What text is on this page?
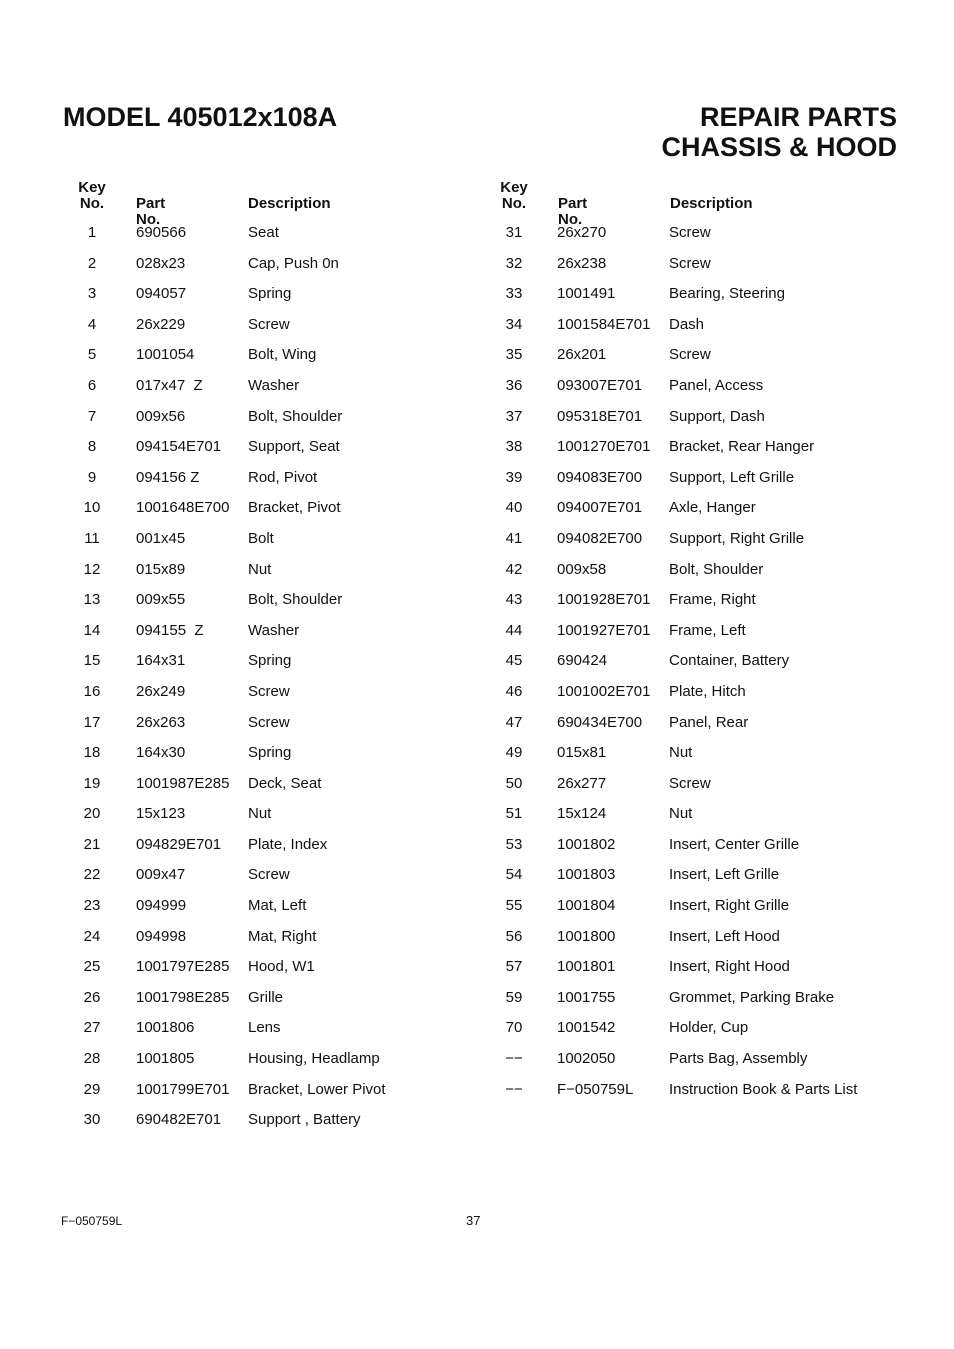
MODEL 405012x108A	REPAIR PARTS
CHASSIS & HOOD
Key
No.	Part No.
Description
1	690566	Seat
2	028x23	Cap, Push 0n
3	094057	Spring
4	26x229	Screw
5	1001054	Bolt, Wing
6	017x47  Z	Washer
7	009x56	Bolt, Shoulder
8	094154E701 Support, Seat
9	094156 Z	Rod, Pivot
10	1001648E700 Bracket, Pivot
11	001x45	Bolt
12	015x89	Nut
13	009x55	Bolt, Shoulder
14	094155  Z	Washer
15	164x31	Spring
16	26x249	Screw
17	26x263	Screw
18	164x30	Spring
19	1001987E285 Deck, Seat
20	15x123	Nut
21	094829E701 Plate, Index
22	009x47	Screw
23	094999	Mat, Left
24	094998	Mat, Right
25	1001797E285 Hood, W1
26	1001798E285 Grille
27	1001806	Lens
28	1001805	Housing, Headlamp
29	1001799E701 Bracket, Lower Pivot
30	690482E701 Support , Battery
Key
No.	Part No.
Description
31	26x270	Screw
32	26x238	Screw
33	1001491	Bearing, Steering
34	1001584E701 Dash
35	26x201	Screw
36	093007E701 Panel, Access
37	095318E701 Support, Dash
38	1001270E701 Bracket, Rear Hanger
39	094083E700 Support, Left Grille
40	094007E701 Axle, Hanger
41	094082E700 Support, Right Grille
42	009x58	Bolt, Shoulder
43	1001928E701 Frame, Right
44	1001927E701 Frame, Left
45	690424	Container, Battery
46	1001002E701 Plate, Hitch
47	690434E700 Panel, Rear
49	015x81	Nut
50	26x277	Screw
51	15x124	Nut
53	1001802	Insert, Center Grille
54	1001803	Insert, Left Grille
55	1001804	Insert, Right Grille
56	1001800	Insert, Left Hood
57	1001801	Insert, Right Hood
59	1001755	Grommet, Parking Brake
70	1001542	Holder, Cup
−−	1002050	Parts Bag, Assembly
−−	F−050759L Instruction Book & Parts List
F−050759L	37
